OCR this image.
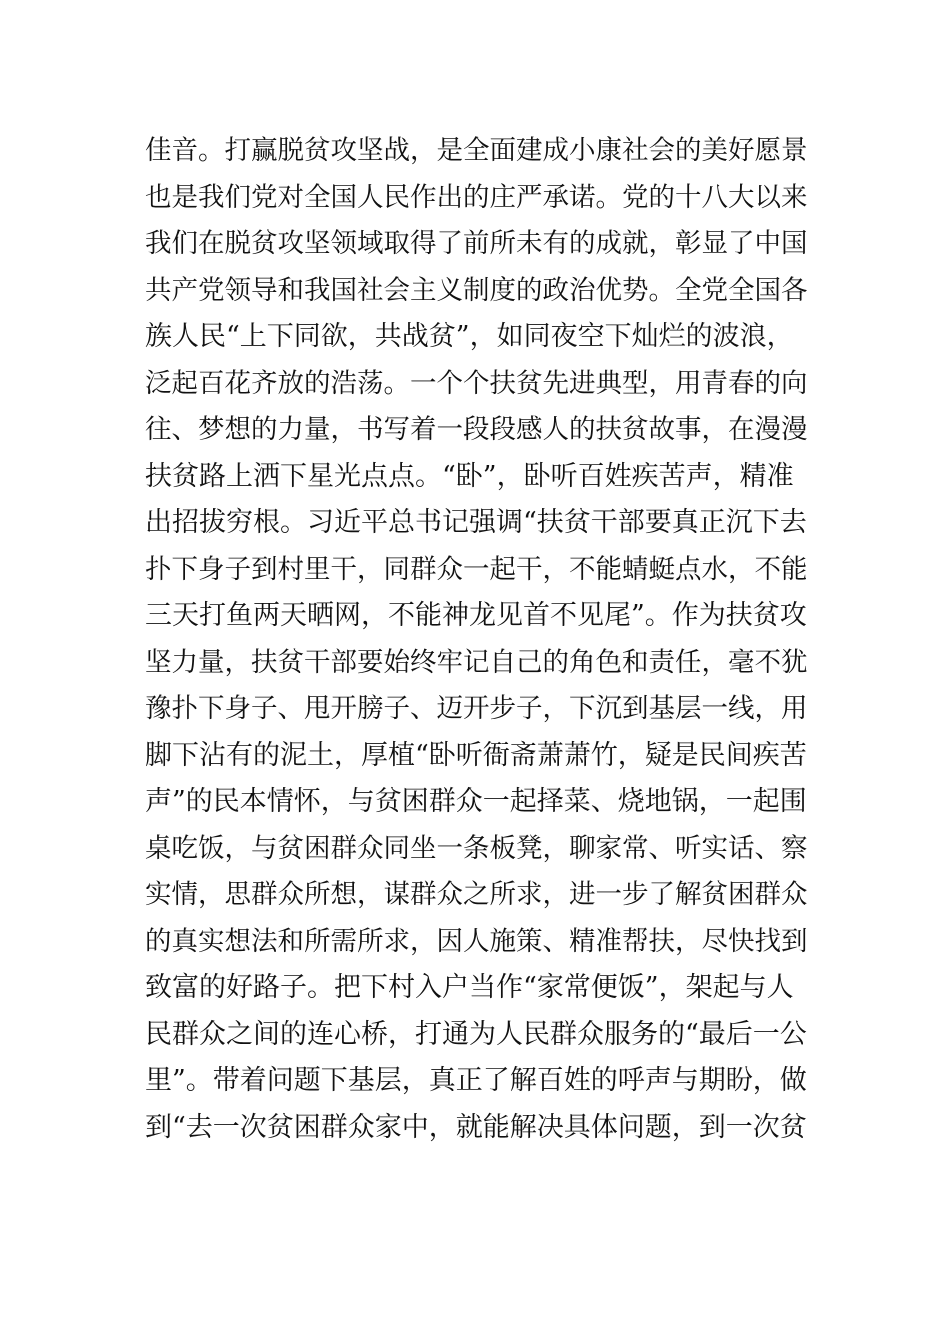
佳音。打赢脱贫攻坚战，是全面建成小康社会的美好愿景
也是我们党对全国人民作出的庄严承诺。党的十八大以来
我们在脱贫攻坚领域取得了前所未有的成就，彰显了中国
共产党领导和我国社会主义制度的政治优势。全党全国各
族人民“上下同欲，共战贫”，如同夜空下灿烂的波浪，
泛起百花齐放的浩荡。一个个扶贫先进典型，用青春的向
往、梦想的力量，书写着一段段感人的扶贫故事，在漫漫
扶贫路上洒下星光点点。“卧”，卧听百姓疾苦声，精准
出招拔穷根。习近平总书记强调“扶贫干部要真正沉下去
扑下身子到村里干，同群众一起干，不能蜻蜓点水，不能
三天打鱼两天晒网，不能神龙见首不见尾”。作为扶贫攻
坚力量，扶贫干部要始终牢记自己的角色和责任，毫不犹
豫扑下身子、甩开膀子、迈开步子，下沉到基层一线，用
脚下沾有的泥土，厚植“卧听衙斋萧萧竹，疑是民间疾苦
声”的民本情怀，与贫困群众一起择菜、烧地锅，一起围
桌吃饭，与贫困群众同坐一条板凳，聊家常、听实话、察
实情，思群众所想，谋群众之所求，进一步了解贫困群众
的真实想法和所需所求，因人施策、精准帮扶，尽快找到
致富的好路子。把下村入户当作“家常便饭”，架起与人
民群众之间的连心桥，打通为人民群众服务的“最后一公
里”。带着问题下基层，真正了解百姓的呼声与期盼，做
到“去一次贫困群众家中，就能解决具体问题，到一次贫
